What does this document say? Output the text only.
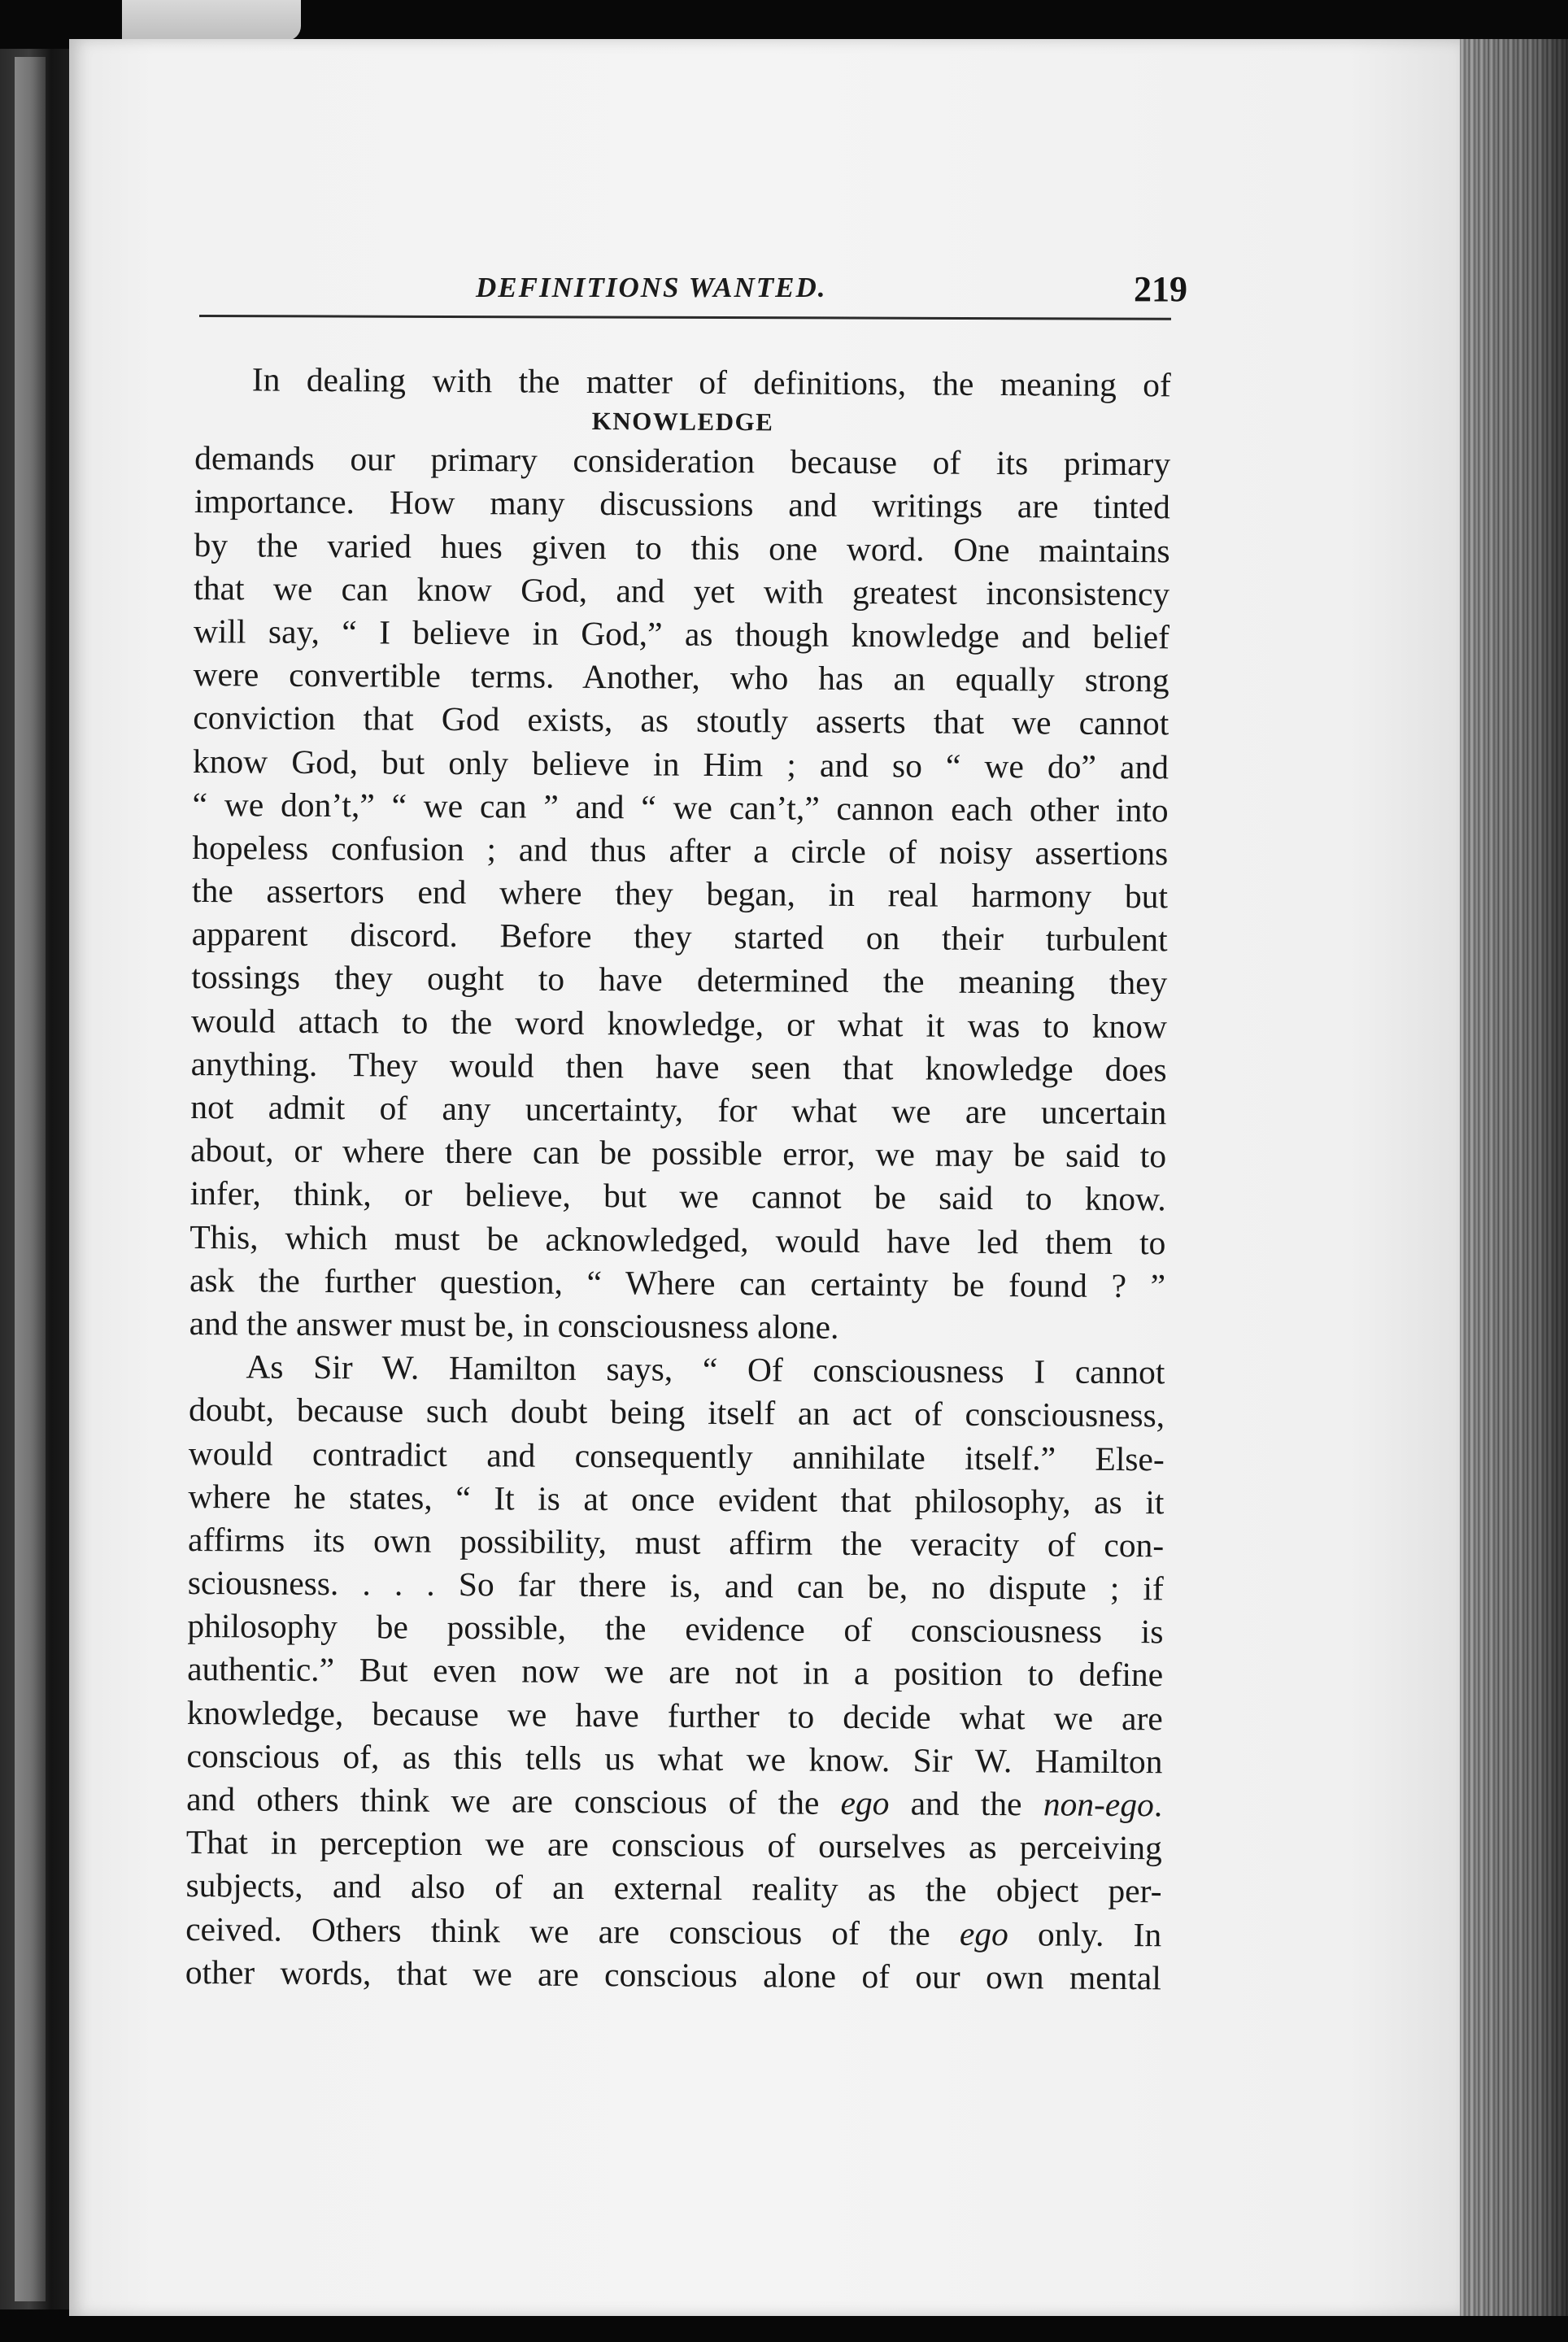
DEFINITIONS WANTED.	219
In dealing with the matter of definitions, the meaning of
KNOWLEDGE
demands our primary consideration because of its primary
importance. How many discussions and writings are tinted
by the varied hues given to this one word. One maintains
that we can know God, and yet with greatest inconsistency
will say, “ I believe in God,” as though knowledge and belief
were convertible terms. Another, who has an equally strong
conviction that God exists, as stoutly asserts that we cannot
know God, but only believe in Him ; and so “ we do” and
“ we don’t,” “ we can ” and “ we can’t,” cannon each other into
hopeless confusion ; and thus after a circle of noisy assertions
the assertors end where they began, in real harmony but
apparent discord. Before they started on their turbulent
tossings they ought to have determined the meaning they
would attach to the word knowledge, or what it was to know
anything. They would then have seen that knowledge does
not admit of any uncertainty, for what we are uncertain
about, or where there can be possible error, we may be said to
infer, think, or believe, but we cannot be said to know.
This, which must be acknowledged, would have led them to
ask the further question, “ Where can certainty be found ? ”
and the answer must be, in consciousness alone.
As Sir W. Hamilton says, “ Of consciousness I cannot
doubt, because such doubt being itself an act of consciousness,
would contradict and consequently annihilate itself.” Else-
where he states, “ It is at once evident that philosophy, as it
affirms its own possibility, must affirm the veracity of con-
sciousness. . . . So far there is, and can be, no dispute ; if
philosophy be possible, the evidence of consciousness is
authentic.” But even now we are not in a position to define
knowledge, because we have further to decide what we are
conscious of, as this tells us what we know. Sir W. Hamilton
and others think we are conscious of the ego and the non-ego.
That in perception we are conscious of ourselves as perceiving
subjects, and also of an external reality as the object per-
ceived. Others think we are conscious of the ego only. In
other words, that we are conscious alone of our own mental
